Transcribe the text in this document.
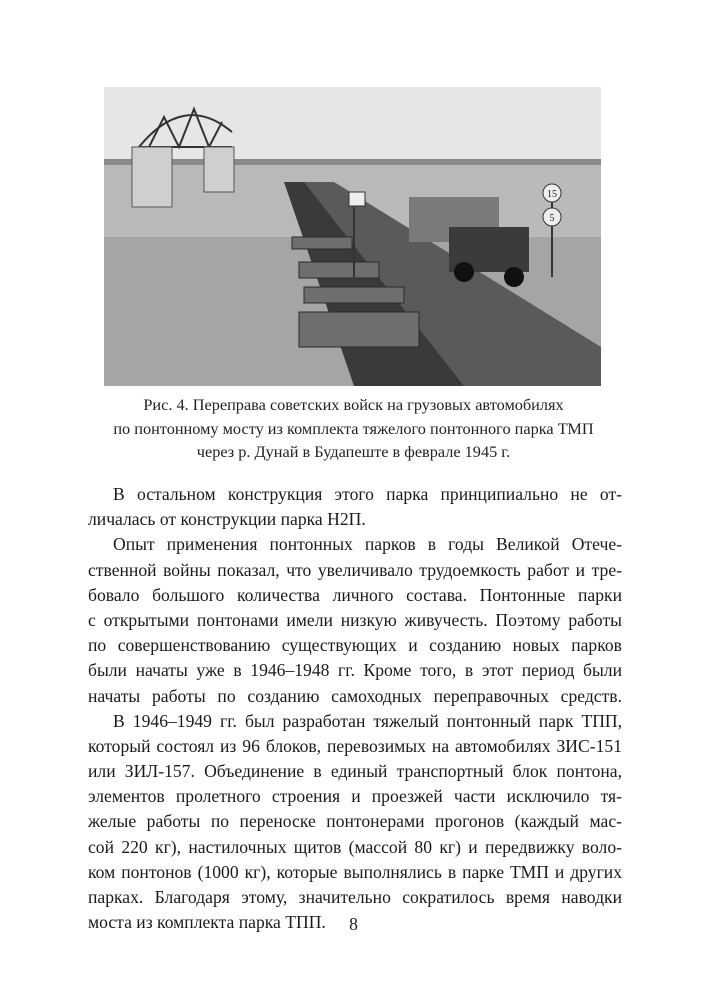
15
5
Рис. 4. Переправа советских войск на грузовых автомобилях
по понтонному мосту из комплекта тяжелого понтонного парка ТМП
через р. Дунай в Будапеште в феврале 1945 г.
В остальном конструкция этого парка принципиально не от-
личалась от конструкции парка Н2П.
Опыт применения понтонных парков в годы Великой Отече-
ственной войны показал, что увеличивало трудоемкость работ и тре-
бовало большого количества личного состава. Понтонные парки
с открытыми понтонами имели низкую живучесть. Поэтому работы
по совершенствованию существующих и созданию новых парков
были начаты уже в 1946–1948 гг. Кроме того, в этот период были
начаты работы по созданию самоходных переправочных средств.
В 1946–1949 гг. был разработан тяжелый понтонный парк ТПП,
который состоял из 96 блоков, перевозимых на автомобилях ЗИС-151
или ЗИЛ-157. Объединение в единый транспортный блок понтона,
элементов пролетного строения и проезжей части исключило тя-
желые работы по переноске понтонерами прогонов (каждый мас-
сой 220 кг), настилочных щитов (массой 80 кг) и передвижку воло-
ком понтонов (1000 кг), которые выполнялись в парке ТМП и других
парках. Благодаря этому, значительно сократилось время наводки
моста из комплекта парка ТПП.	8
